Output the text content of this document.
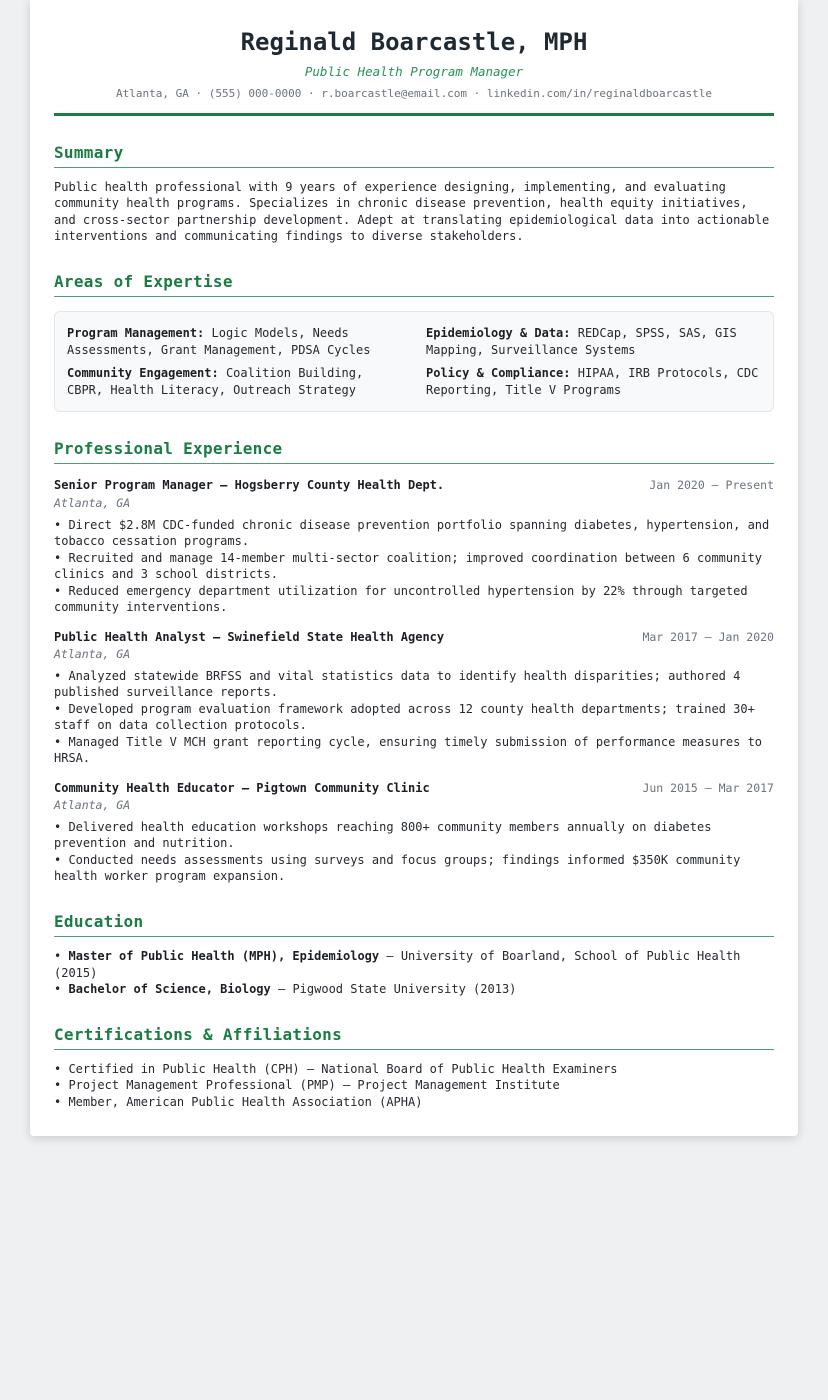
Reginald Boarcastle, MPH
Public Health Program Manager
Atlanta, GA · (555) 000-0000 · r.boarcastle@email.com · linkedin.com/in/reginaldboarcastle
Summary
Public health professional with 9 years of experience designing, implementing, and evaluating community health programs. Specializes in chronic disease prevention, health equity initiatives, and cross-sector partnership development. Adept at translating epidemiological data into actionable interventions and communicating findings to diverse stakeholders.
Areas of Expertise
Program Management: Logic Models, Needs Assessments, Grant Management, PDSA Cycles
Epidemiology & Data: REDCap, SPSS, SAS, GIS Mapping, Surveillance Systems
Community Engagement: Coalition Building, CBPR, Health Literacy, Outreach Strategy
Policy & Compliance: HIPAA, IRB Protocols, CDC Reporting, Title V Programs
Professional Experience
Senior Program Manager — Hogsberry County Health Dept.	Jan 2020 — Present
Atlanta, GA
• Direct $2.8M CDC-funded chronic disease prevention portfolio spanning diabetes, hypertension, and tobacco cessation programs.
• Recruited and manage 14-member multi-sector coalition; improved coordination between 6 community clinics and 3 school districts.
• Reduced emergency department utilization for uncontrolled hypertension by 22% through targeted community interventions.
Public Health Analyst — Swinefield State Health Agency	Mar 2017 — Jan 2020
Atlanta, GA
• Analyzed statewide BRFSS and vital statistics data to identify health disparities; authored 4 published surveillance reports.
• Developed program evaluation framework adopted across 12 county health departments; trained 30+ staff on data collection protocols.
• Managed Title V MCH grant reporting cycle, ensuring timely submission of performance measures to HRSA.
Community Health Educator — Pigtown Community Clinic	Jun 2015 — Mar 2017
Atlanta, GA
• Delivered health education workshops reaching 800+ community members annually on diabetes prevention and nutrition.
• Conducted needs assessments using surveys and focus groups; findings informed $350K community health worker program expansion.
Education
• Master of Public Health (MPH), Epidemiology — University of Boarland, School of Public Health (2015)
• Bachelor of Science, Biology — Pigwood State University (2013)
Certifications & Affiliations
• Certified in Public Health (CPH) — National Board of Public Health Examiners
• Project Management Professional (PMP) — Project Management Institute
• Member, American Public Health Association (APHA)
